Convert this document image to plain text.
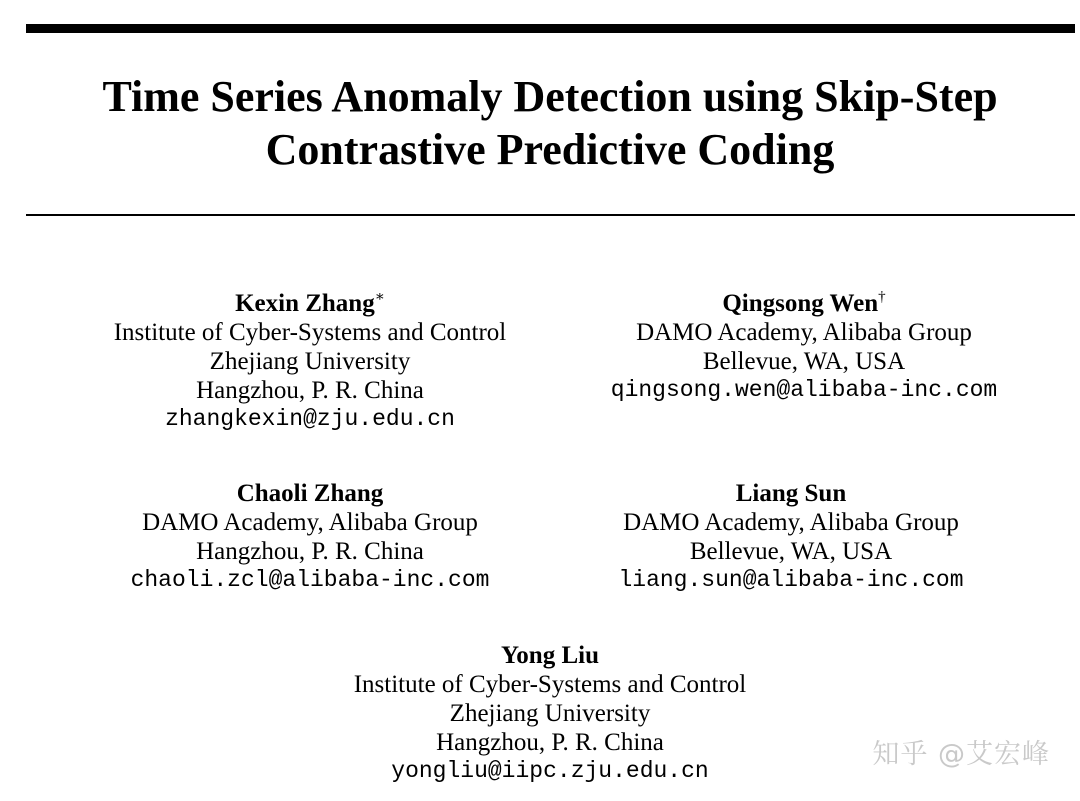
Time Series Anomaly Detection using Skip-Step
Contrastive Predictive Coding
Kexin Zhang∗
Institute of Cyber-Systems and Control
Zhejiang University
Hangzhou, P. R. China
zhangkexin@zju.edu.cn
Qingsong Wen†
DAMO Academy, Alibaba Group
Bellevue, WA, USA
qingsong.wen@alibaba-inc.com
Chaoli Zhang
DAMO Academy, Alibaba Group
Hangzhou, P. R. China
chaoli.zcl@alibaba-inc.com
Liang Sun
DAMO Academy, Alibaba Group
Bellevue, WA, USA
liang.sun@alibaba-inc.com
Yong Liu
Institute of Cyber-Systems and Control
Zhejiang University
Hangzhou, P. R. China
yongliu@iipc.zju.edu.cn
知乎 @艾宏峰
